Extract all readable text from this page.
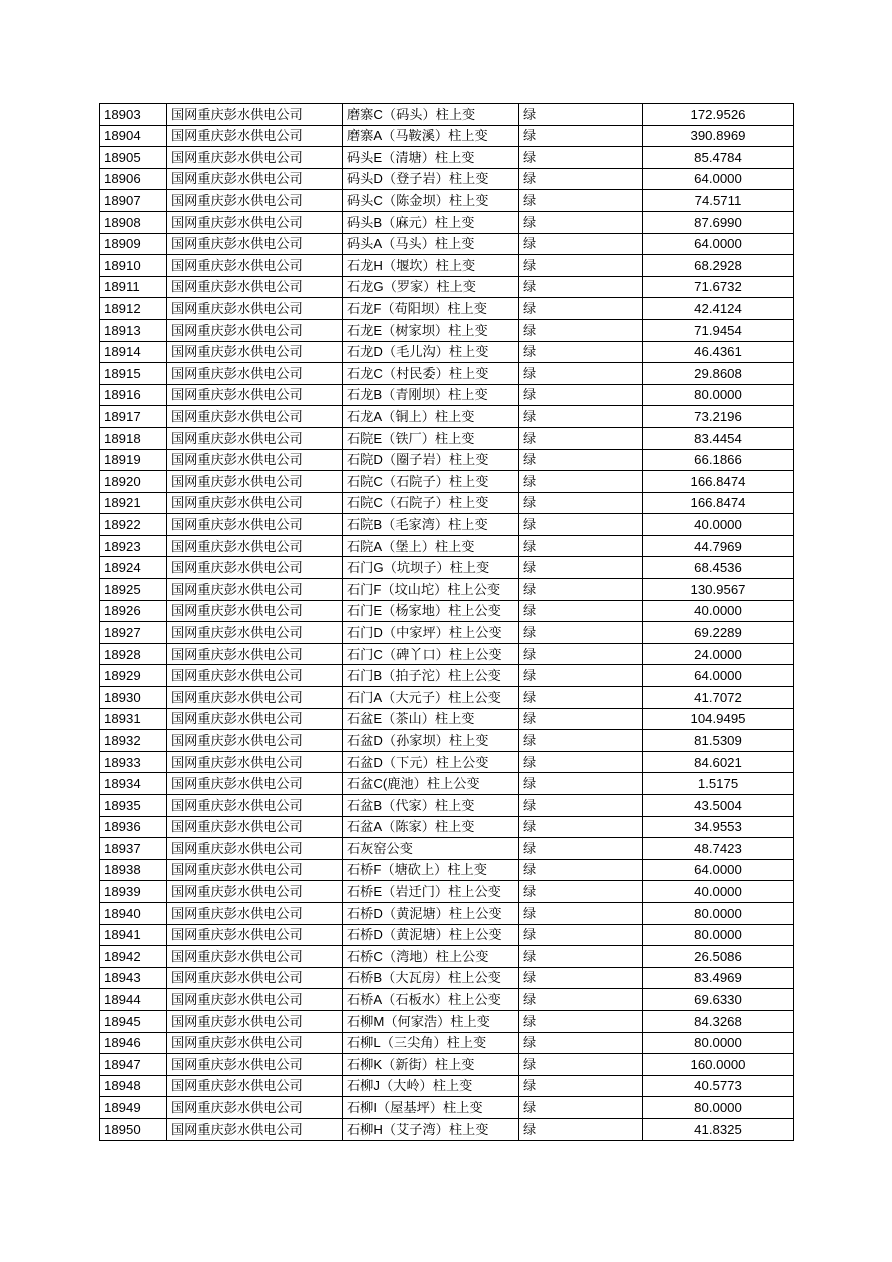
18903	国网重庆彭水供电公司	磨寨C（码头）柱上变	绿	172.9526
18904	国网重庆彭水供电公司	磨寨A（马鞍溪）柱上变	绿	390.8969
18905	国网重庆彭水供电公司	码头E（清塘）柱上变	绿	85.4784
18906	国网重庆彭水供电公司	码头D（登子岩）柱上变	绿	64.0000
18907	国网重庆彭水供电公司	码头C（陈金坝）柱上变	绿	74.5711
18908	国网重庆彭水供电公司	码头B（麻元）柱上变	绿	87.6990
18909	国网重庆彭水供电公司	码头A（马头）柱上变	绿	64.0000
18910	国网重庆彭水供电公司	石龙H（堰坎）柱上变	绿	68.2928
18911	国网重庆彭水供电公司	石龙G（罗家）柱上变	绿	71.6732
18912	国网重庆彭水供电公司	石龙F（苟阳坝）柱上变	绿	42.4124
18913	国网重庆彭水供电公司	石龙E（树家坝）柱上变	绿	71.9454
18914	国网重庆彭水供电公司	石龙D（毛儿沟）柱上变	绿	46.4361
18915	国网重庆彭水供电公司	石龙C（村民委）柱上变	绿	29.8608
18916	国网重庆彭水供电公司	石龙B（青刚坝）柱上变	绿	80.0000
18917	国网重庆彭水供电公司	石龙A（铜上）柱上变	绿	73.2196
18918	国网重庆彭水供电公司	石院E（铁厂）柱上变	绿	83.4454
18919	国网重庆彭水供电公司	石院D（圈子岩）柱上变	绿	66.1866
18920	国网重庆彭水供电公司	石院C（石院子）柱上变	绿	166.8474
18921	国网重庆彭水供电公司	石院C（石院子）柱上变	绿	166.8474
18922	国网重庆彭水供电公司	石院B（毛家湾）柱上变	绿	40.0000
18923	国网重庆彭水供电公司	石院A（堡上）柱上变	绿	44.7969
18924	国网重庆彭水供电公司	石门G（坑坝子）柱上变	绿	68.4536
18925	国网重庆彭水供电公司	石门F（坟山坨）柱上公变	绿	130.9567
18926	国网重庆彭水供电公司	石门E（杨家地）柱上公变	绿	40.0000
18927	国网重庆彭水供电公司	石门D（中家坪）柱上公变	绿	69.2289
18928	国网重庆彭水供电公司	石门C（碑丫口）柱上公变	绿	24.0000
18929	国网重庆彭水供电公司	石门B（拍子沱）柱上公变	绿	64.0000
18930	国网重庆彭水供电公司	石门A（大元子）柱上公变	绿	41.7072
18931	国网重庆彭水供电公司	石盆E（茶山）柱上变	绿	104.9495
18932	国网重庆彭水供电公司	石盆D（孙家坝）柱上变	绿	81.5309
18933	国网重庆彭水供电公司	石盆D（下元）柱上公变	绿	84.6021
18934	国网重庆彭水供电公司	石盆C(鹿池）柱上公变	绿	1.5175
18935	国网重庆彭水供电公司	石盆B（代家）柱上变	绿	43.5004
18936	国网重庆彭水供电公司	石盆A（陈家）柱上变	绿	34.9553
18937	国网重庆彭水供电公司	石灰窑公变	绿	48.7423
18938	国网重庆彭水供电公司	石桥F（塘砍上）柱上变	绿	64.0000
18939	国网重庆彭水供电公司	石桥E（岩迁门）柱上公变	绿	40.0000
18940	国网重庆彭水供电公司	石桥D（黄泥塘）柱上公变	绿	80.0000
18941	国网重庆彭水供电公司	石桥D（黄泥塘）柱上公变	绿	80.0000
18942	国网重庆彭水供电公司	石桥C（湾地）柱上公变	绿	26.5086
18943	国网重庆彭水供电公司	石桥B（大瓦房）柱上公变	绿	83.4969
18944	国网重庆彭水供电公司	石桥A（石板水）柱上公变	绿	69.6330
18945	国网重庆彭水供电公司	石柳M（何家浩）柱上变	绿	84.3268
18946	国网重庆彭水供电公司	石柳L（三尖角）柱上变	绿	80.0000
18947	国网重庆彭水供电公司	石柳K（新街）柱上变	绿	160.0000
18948	国网重庆彭水供电公司	石柳J（大岭）柱上变	绿	40.5773
18949	国网重庆彭水供电公司	石柳I（屋基坪）柱上变	绿	80.0000
18950	国网重庆彭水供电公司	石柳H（艾子湾）柱上变	绿	41.8325
